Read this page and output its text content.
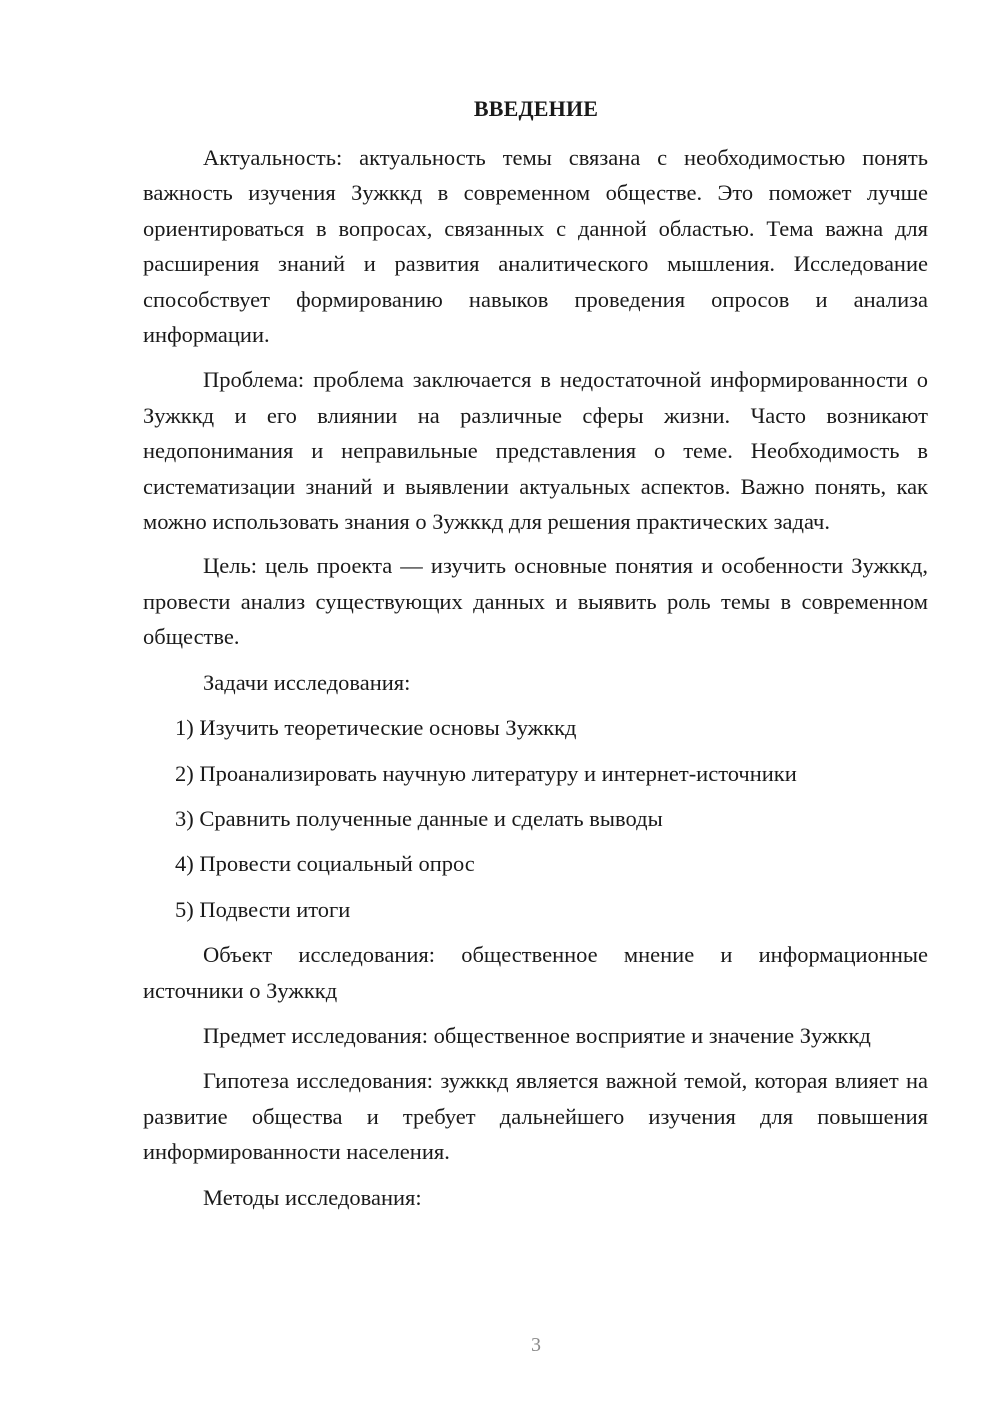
ВВЕДЕНИЕ

Актуальность: актуальность темы связана с необходимостью понять важность изучения Зужккд в современном обществе. Это поможет лучше ориентироваться в вопросах, связанных с данной областью. Тема важна для расширения знаний и развития аналитического мышления. Исследование способствует формированию навыков проведения опросов и анализа информации.

Проблема: проблема заключается в недостаточной информированности о Зужккд и его влиянии на различные сферы жизни. Часто возникают недопонимания и неправильные представления о теме. Необходимость в систематизации знаний и выявлении актуальных аспектов. Важно понять, как можно использовать знания о Зужккд для решения практических задач.

Цель: цель проекта — изучить основные понятия и особенности Зужккд, провести анализ существующих данных и выявить роль темы в современном обществе.

Задачи исследования:

1) Изучить теоретические основы Зужккд

2) Проанализировать научную литературу и интернет-источники

3) Сравнить полученные данные и сделать выводы

4) Провести социальный опрос

5) Подвести итоги

Объект исследования: общественное мнение и информационные источники о Зужккд

Предмет исследования: общественное восприятие и значение Зужккд

Гипотеза исследования: зужккд является важной темой, которая влияет на развитие общества и требует дальнейшего изучения для повышения информированности населения.

Методы исследования:

3
